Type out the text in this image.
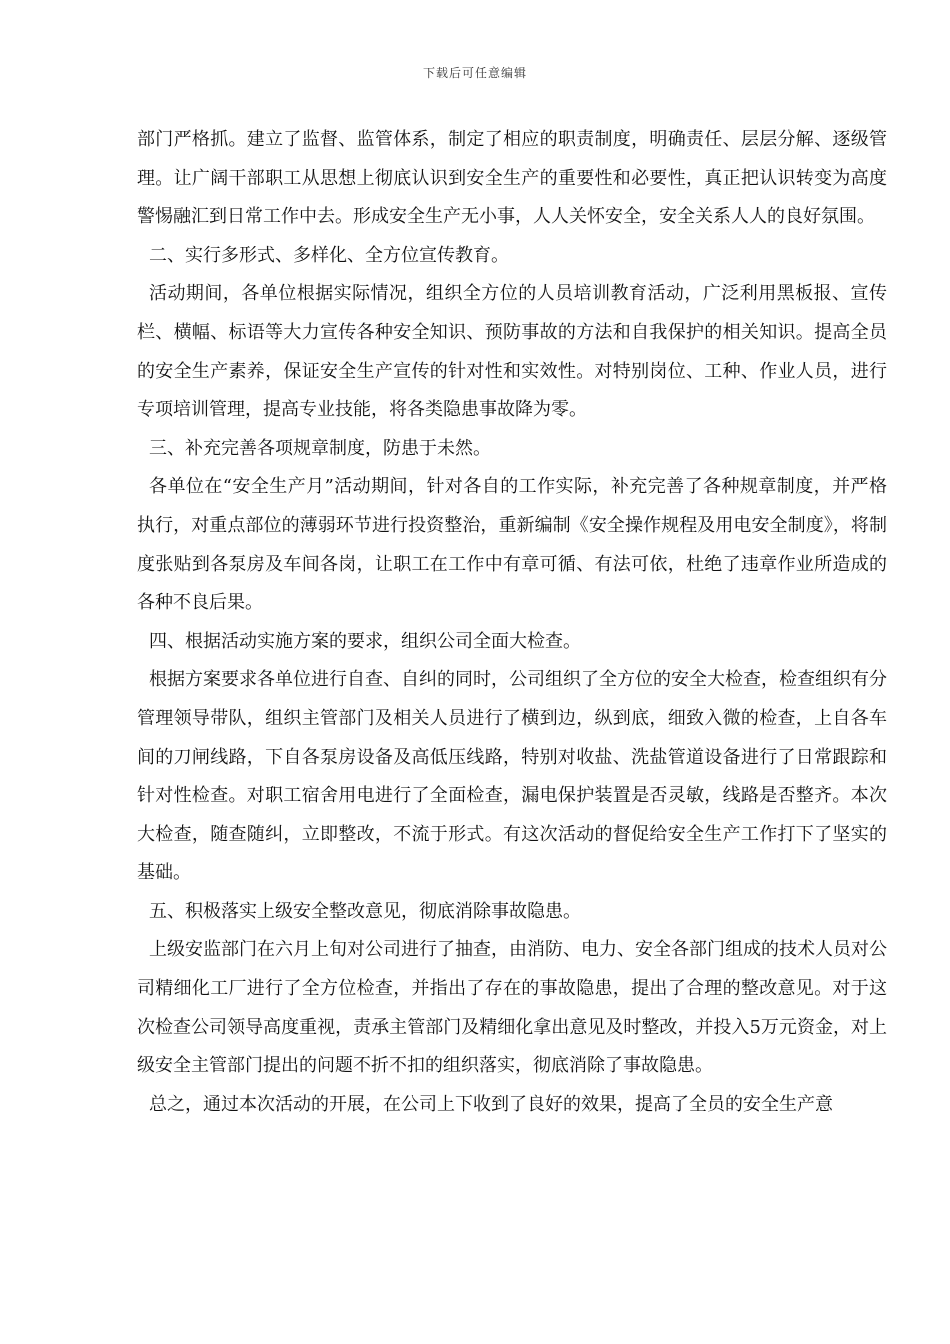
下载后可任意编辑

部门严格抓。建立了监督、监管体系，制定了相应的职责制度，明确责任、层层分解、逐级管理。让广阔干部职工从思想上彻底认识到安全生产的重要性和必要性，真正把认识转变为高度警惕融汇到日常工作中去。形成安全生产无小事，人人关怀安全，安全关系人人的良好氛围。

二、实行多形式、多样化、全方位宣传教育。

活动期间，各单位根据实际情况，组织全方位的人员培训教育活动，广泛利用黑板报、宣传栏、横幅、标语等大力宣传各种安全知识、预防事故的方法和自我保护的相关知识。提高全员的安全生产素养，保证安全生产宣传的针对性和实效性。对特别岗位、工种、作业人员，进行专项培训管理，提高专业技能，将各类隐患事故降为零。

三、补充完善各项规章制度，防患于未然。

各单位在“安全生产月”活动期间，针对各自的工作实际，补充完善了各种规章制度，并严格执行，对重点部位的薄弱环节进行投资整治，重新编制《安全操作规程及用电安全制度》，将制度张贴到各泵房及车间各岗，让职工在工作中有章可循、有法可依，杜绝了违章作业所造成的各种不良后果。

四、根据活动实施方案的要求，组织公司全面大检查。

根据方案要求各单位进行自查、自纠的同时，公司组织了全方位的安全大检查，检查组织有分管理领导带队，组织主管部门及相关人员进行了横到边，纵到底，细致入微的检查，上自各车间的刀闸线路，下自各泵房设备及高低压线路，特别对收盐、洗盐管道设备进行了日常跟踪和针对性检查。对职工宿舍用电进行了全面检查，漏电保护装置是否灵敏，线路是否整齐。本次大检查，随查随纠，立即整改，不流于形式。有这次活动的督促给安全生产工作打下了坚实的基础。

五、积极落实上级安全整改意见，彻底消除事故隐患。

上级安监部门在六月上旬对公司进行了抽查，由消防、电力、安全各部门组成的技术人员对公司精细化工厂进行了全方位检查，并指出了存在的事故隐患，提出了合理的整改意见。对于这次检查公司领导高度重视，责承主管部门及精细化拿出意见及时整改，并投入5万元资金，对上级安全主管部门提出的问题不折不扣的组织落实，彻底消除了事故隐患。

总之，通过本次活动的开展，在公司上下收到了良好的效果，提高了全员的安全生产意
